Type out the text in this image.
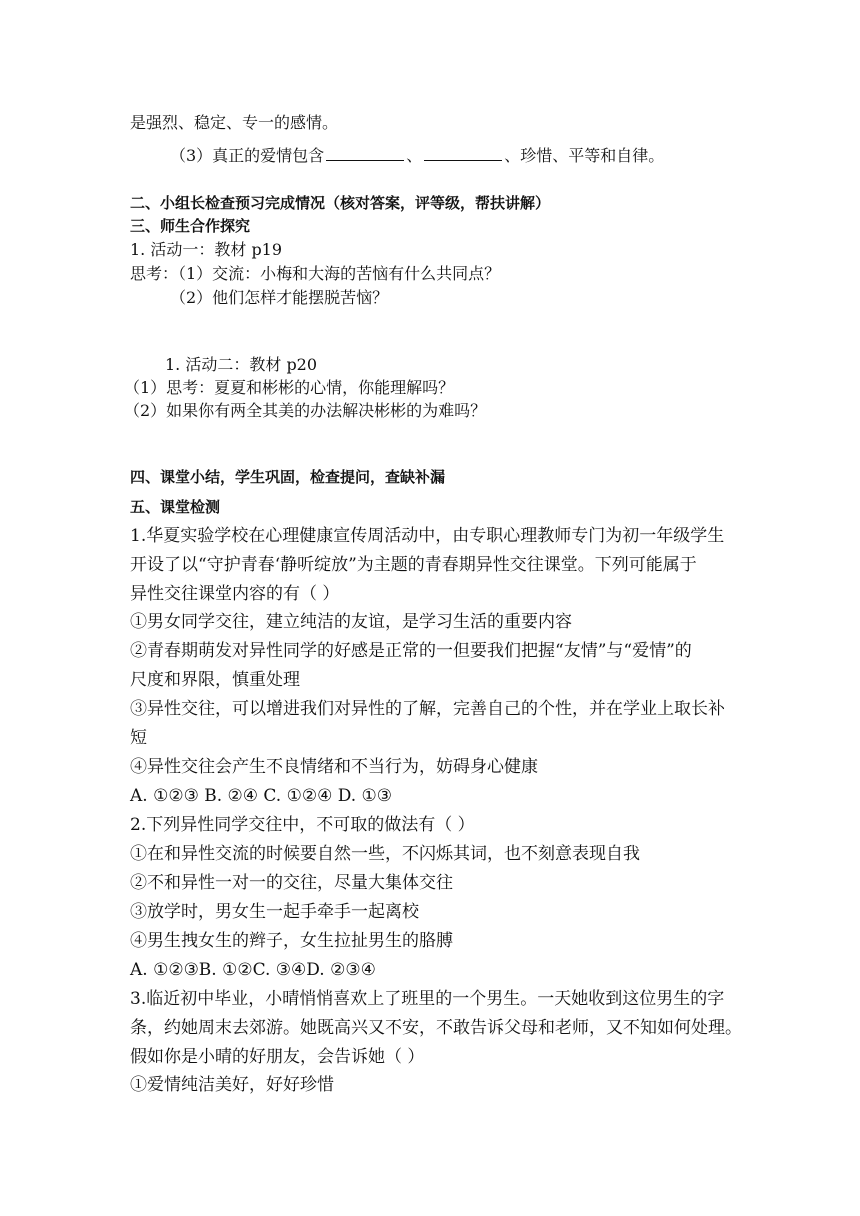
是强烈、稳定、专一的感情。
（3）真正的爱情包含	、	、珍惜、平等和自律。
二、小组长检查预习完成情况（核对答案，评等级，帮扶讲解）
三、师生合作探究
1. 活动一：教材 p19
思考：（1）交流：小梅和大海的苦恼有什么共同点？
（2）他们怎样才能摆脱苦恼？
1. 活动二：教材 p20
（1）思考：夏夏和彬彬的心情，你能理解吗？
（2）如果你有两全其美的办法解决彬彬的为难吗？
四、课堂小结，学生巩固，检查提问，查缺补漏
五、课堂检测
1.华夏实验学校在心理健康宣传周活动中，由专职心理教师专门为初一年级学生
开设了以“守护青春‘静听绽放”为主题的青春期异性交往课堂。下列可能属于
异性交往课堂内容的有（ ）
①男女同学交往，建立纯洁的友谊，是学习生活的重要内容
②青春期萌发对异性同学的好感是正常的一但要我们把握“友情”与“爱情”的
尺度和界限，慎重处理
③异性交往，可以增进我们对异性的了解，完善自己的个性，并在学业上取长补
短
④异性交往会产生不良情绪和不当行为，妨碍身心健康
A. ①②③ B. ②④ C. ①②④ D. ①③
2.下列异性同学交往中，不可取的做法有（ ）
①在和异性交流的时候要自然一些，不闪烁其词，也不刻意表现自我
②不和异性一对一的交往，尽量大集体交往
③放学时，男女生一起手牵手一起离校
④男生拽女生的辫子，女生拉扯男生的胳膊
A. ①②③B. ①②C. ③④D. ②③④
3.临近初中毕业，小晴悄悄喜欢上了班里的一个男生。一天她收到这位男生的字
条，约她周末去郊游。她既高兴又不安，不敢告诉父母和老师，又不知如何处理。
假如你是小晴的好朋友，会告诉她（ ）
①爱情纯洁美好，好好珍惜
